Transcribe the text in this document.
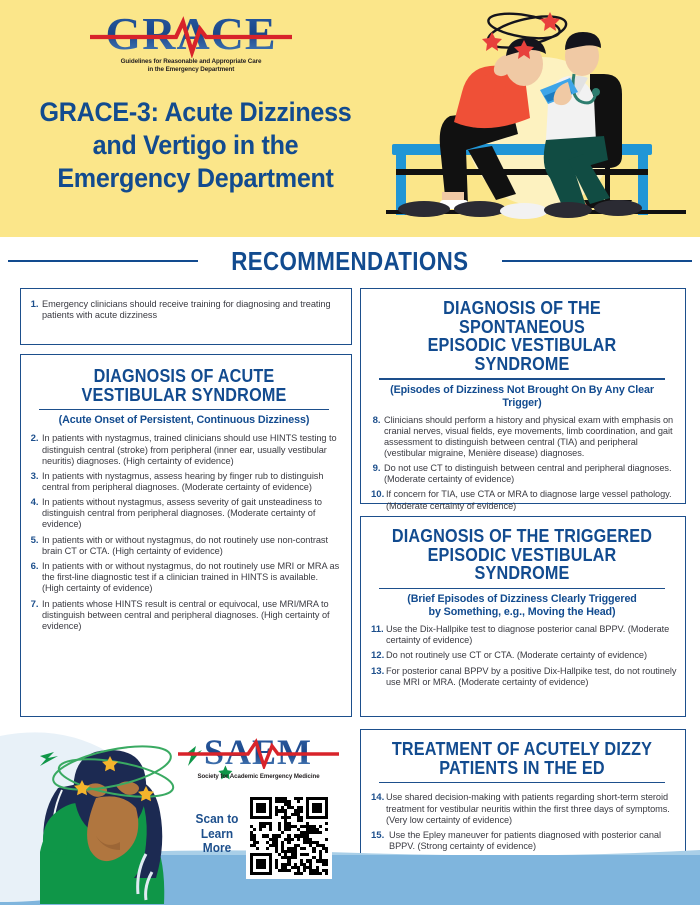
GRACE
Guidelines for Reasonable and Appropriate Care
in the Emergency Department
GRACE-3: Acute Dizziness
and Vertigo in the
Emergency Department
RECOMMENDATIONS
1. Emergency clinicians should receive training for diagnosing and treating patients with acute dizziness
DIAGNOSIS OF ACUTE
VESTIBULAR SYNDROME
(Acute Onset of Persistent, Continuous Dizziness)
2. In patients with nystagmus, trained clinicians should use HINTS testing to distinguish central (stroke) from peripheral (inner ear, usually vestibular neuritis) diagnoses. (High certainty of evidence)
3. In patients with nystagmus, assess hearing by finger rub to distinguish central from peripheral diagnoses. (Moderate certainty of evidence)
4. In patients without nystagmus, assess severity of gait unsteadiness to distinguish central from peripheral diagnoses. (Moderate certainty of evidence)
5. In patients with or without nystagmus, do not routinely use non-contrast brain CT or CTA. (High certainty of evidence)
6. In patients with or without nystagmus, do not routinely use MRI or MRA as the first-line diagnostic test if a clinician trained in HINTS is available. (High certainty of evidence)
7. In patients whose HINTS result is central or equivocal, use MRI/MRA to distinguish between central and peripheral diagnoses. (High certainty of evidence)
DIAGNOSIS OF THE SPONTANEOUS
EPISODIC VESTIBULAR SYNDROME
(Episodes of Dizziness Not Brought On By Any Clear Trigger)
8. Clinicians should perform a history and physical exam with emphasis on cranial nerves, visual fields, eye movements, limb coordination, and gait assessment to distinguish between central (TIA) and peripheral (vestibular migraine, Menière disease) diagnoses.
9. Do not use CT to distinguish between central and peripheral diagnoses. (Moderate certainty of evidence)
10. If concern for TIA, use CTA or MRA to diagnose large vessel pathology. (Moderate certainty of evidence)
DIAGNOSIS OF THE TRIGGERED
EPISODIC VESTIBULAR SYNDROME
(Brief Episodes of Dizziness Clearly Triggered
by Something, e.g., Moving the Head)
11. Use the Dix-Hallpike test to diagnose posterior canal BPPV. (Moderate certainty of evidence)
12. Do not routinely use CT or CTA. (Moderate certainty of evidence)
13. For posterior canal BPPV by a positive Dix-Hallpike test, do not routinely use MRI or MRA. (Moderate certainty of evidence)
TREATMENT OF ACUTELY DIZZY
PATIENTS IN THE ED
14. Use shared decision-making with patients regarding short-term steroid treatment for vestibular neuritis within the first three days of symptoms. (Very low certainty of evidence)
15. Use the Epley maneuver for patients diagnosed with posterior canal BPPV. (Strong certainty of evidence)
SAEM
Society for Academic Emergency Medicine
Scan to
Learn More
